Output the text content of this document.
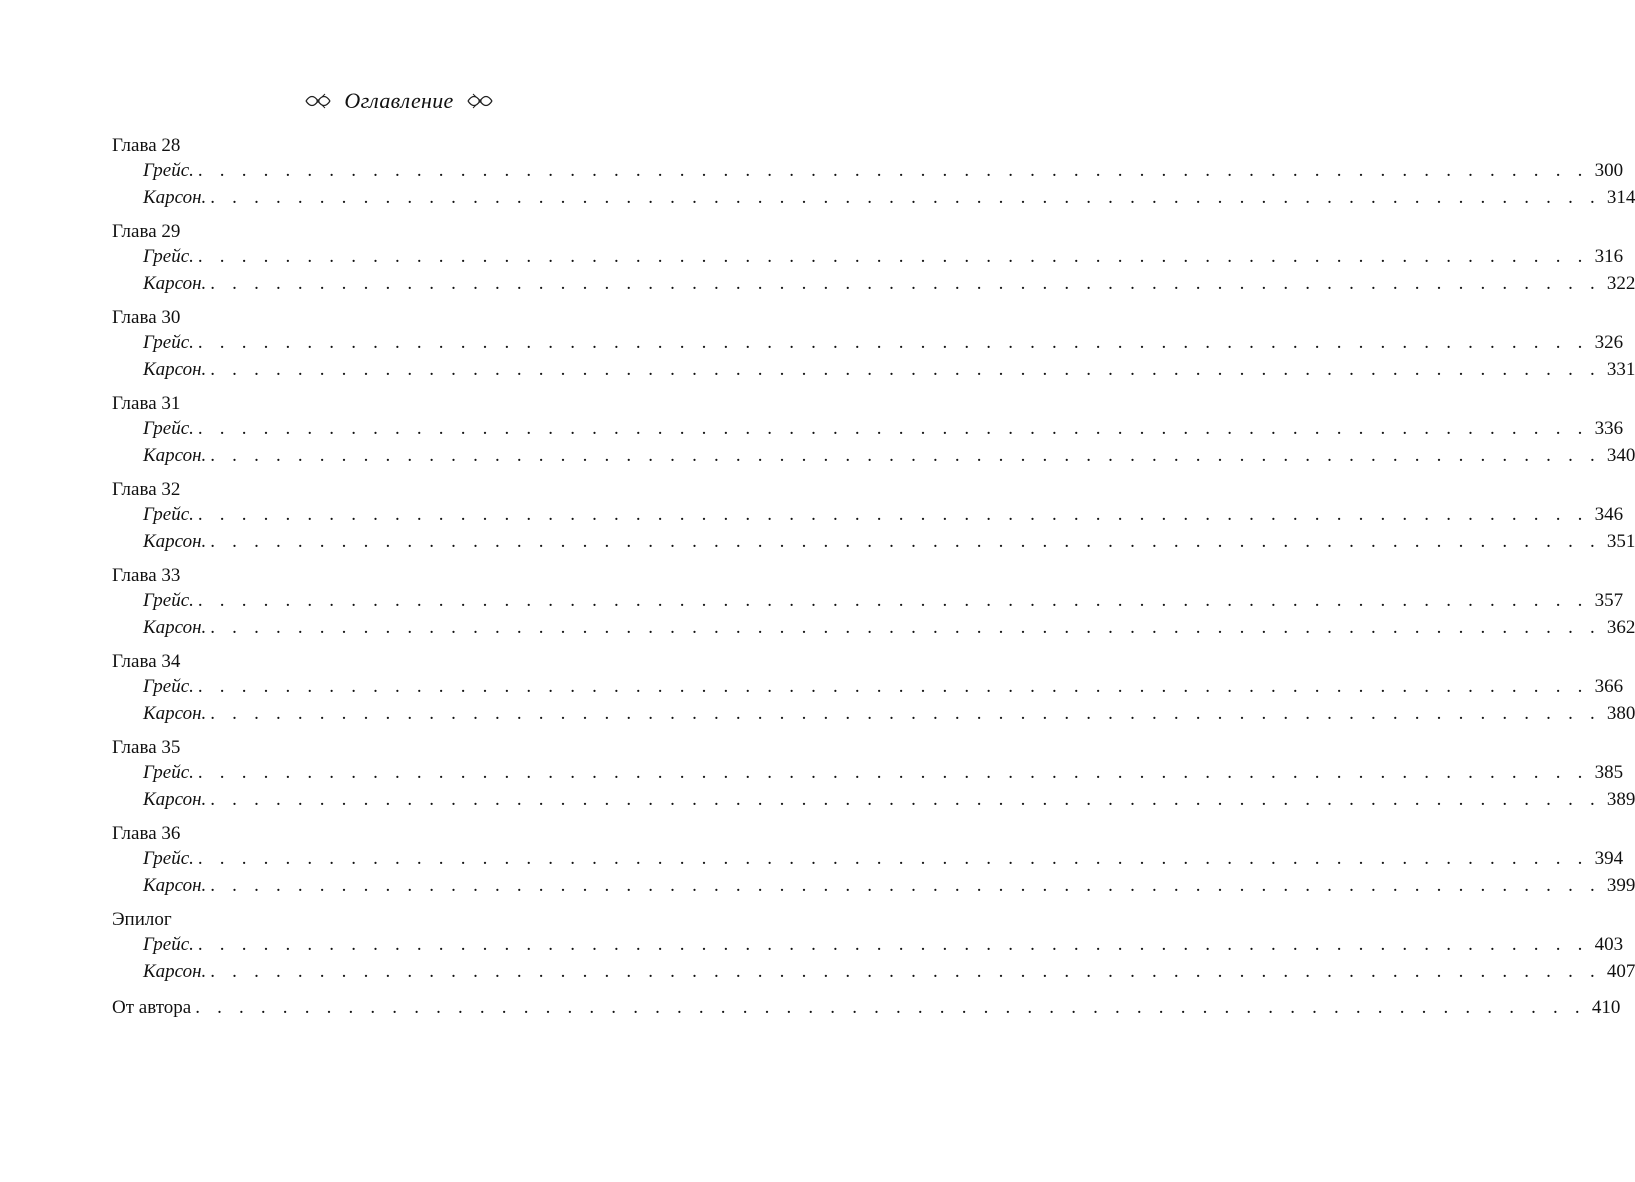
Оглавление
Глава 28
Грейс . . . . . . . . . . . . . . . . . . . . . . . . . . . . . . . . . . . . . . . . . . . . . . . . . . . . . . . . . . . . . . . . . 300
Карсон . . . . . . . . . . . . . . . . . . . . . . . . . . . . . . . . . . . . . . . . . . . . . . . . . . . . . . . . . . . . . . . . . 314
Глава 29
Грейс . . . . . . . . . . . . . . . . . . . . . . . . . . . . . . . . . . . . . . . . . . . . . . . . . . . . . . . . . . . . . . . . . 316
Карсон . . . . . . . . . . . . . . . . . . . . . . . . . . . . . . . . . . . . . . . . . . . . . . . . . . . . . . . . . . . . . . . . . 322
Глава 30
Грейс . . . . . . . . . . . . . . . . . . . . . . . . . . . . . . . . . . . . . . . . . . . . . . . . . . . . . . . . . . . . . . . . . 326
Карсон . . . . . . . . . . . . . . . . . . . . . . . . . . . . . . . . . . . . . . . . . . . . . . . . . . . . . . . . . . . . . . . . . 331
Глава 31
Грейс . . . . . . . . . . . . . . . . . . . . . . . . . . . . . . . . . . . . . . . . . . . . . . . . . . . . . . . . . . . . . . . . . 336
Карсон . . . . . . . . . . . . . . . . . . . . . . . . . . . . . . . . . . . . . . . . . . . . . . . . . . . . . . . . . . . . . . . . . 340
Глава 32
Грейс . . . . . . . . . . . . . . . . . . . . . . . . . . . . . . . . . . . . . . . . . . . . . . . . . . . . . . . . . . . . . . . . . 346
Карсон . . . . . . . . . . . . . . . . . . . . . . . . . . . . . . . . . . . . . . . . . . . . . . . . . . . . . . . . . . . . . . . . . 351
Глава 33
Грейс . . . . . . . . . . . . . . . . . . . . . . . . . . . . . . . . . . . . . . . . . . . . . . . . . . . . . . . . . . . . . . . . . 357
Карсон . . . . . . . . . . . . . . . . . . . . . . . . . . . . . . . . . . . . . . . . . . . . . . . . . . . . . . . . . . . . . . . . . 362
Глава 34
Грейс . . . . . . . . . . . . . . . . . . . . . . . . . . . . . . . . . . . . . . . . . . . . . . . . . . . . . . . . . . . . . . . . . 366
Карсон . . . . . . . . . . . . . . . . . . . . . . . . . . . . . . . . . . . . . . . . . . . . . . . . . . . . . . . . . . . . . . . . . 380
Глава 35
Грейс . . . . . . . . . . . . . . . . . . . . . . . . . . . . . . . . . . . . . . . . . . . . . . . . . . . . . . . . . . . . . . . . . 385
Карсон . . . . . . . . . . . . . . . . . . . . . . . . . . . . . . . . . . . . . . . . . . . . . . . . . . . . . . . . . . . . . . . . . 389
Глава 36
Грейс . . . . . . . . . . . . . . . . . . . . . . . . . . . . . . . . . . . . . . . . . . . . . . . . . . . . . . . . . . . . . . . . . 394
Карсон . . . . . . . . . . . . . . . . . . . . . . . . . . . . . . . . . . . . . . . . . . . . . . . . . . . . . . . . . . . . . . . . . 399
Эпилог
Грейс . . . . . . . . . . . . . . . . . . . . . . . . . . . . . . . . . . . . . . . . . . . . . . . . . . . . . . . . . . . . . . . . . 403
Карсон . . . . . . . . . . . . . . . . . . . . . . . . . . . . . . . . . . . . . . . . . . . . . . . . . . . . . . . . . . . . . . . . . 407
От автора . . . . . . . . . . . . . . . . . . . . . . . . . . . . . . . . . . . . . . . . . . . . . . . . . . . . . . . . . . . . . . . . 410
